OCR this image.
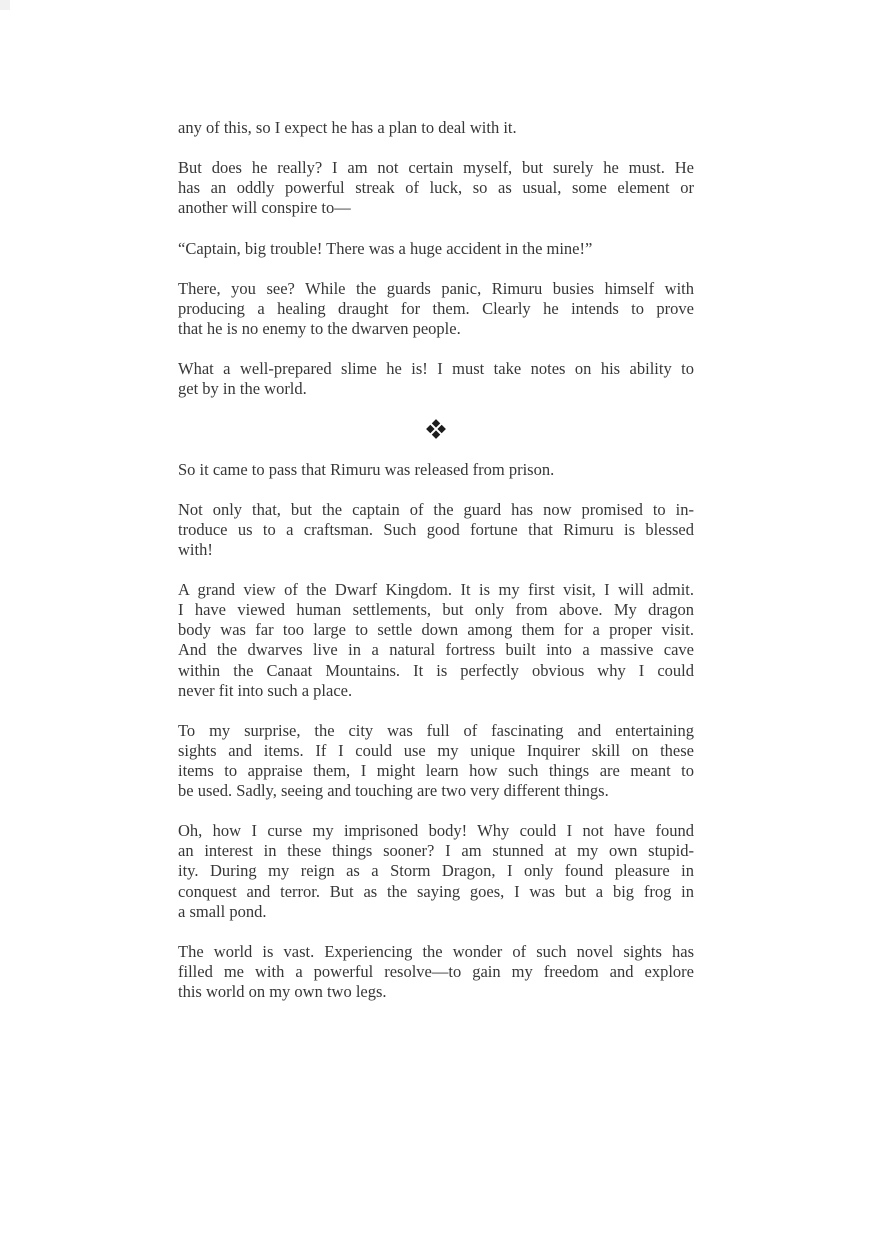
any of this, so I expect he has a plan to deal with it.

But does he really? I am not certain myself, but surely he must. He
has an oddly powerful streak of luck, so as usual, some element or
another will conspire to—

“Captain, big trouble! There was a huge accident in the mine!”

There, you see? While the guards panic, Rimuru busies himself with
producing a healing draught for them. Clearly he intends to prove
that he is no enemy to the dwarven people.

What a well-prepared slime he is! I must take notes on his ability to
get by in the world.

So it came to pass that Rimuru was released from prison.

Not only that, but the captain of the guard has now promised to in-
troduce us to a craftsman. Such good fortune that Rimuru is blessed
with!

A grand view of the Dwarf Kingdom. It is my first visit, I will admit.
I have viewed human settlements, but only from above. My dragon
body was far too large to settle down among them for a proper visit.
And the dwarves live in a natural fortress built into a massive cave
within the Canaat Mountains. It is perfectly obvious why I could
never fit into such a place.

To my surprise, the city was full of fascinating and entertaining
sights and items. If I could use my unique Inquirer skill on these
items to appraise them, I might learn how such things are meant to
be used. Sadly, seeing and touching are two very different things.

Oh, how I curse my imprisoned body! Why could I not have found
an interest in these things sooner? I am stunned at my own stupid-
ity. During my reign as a Storm Dragon, I only found pleasure in
conquest and terror. But as the saying goes, I was but a big frog in
a small pond.

The world is vast. Experiencing the wonder of such novel sights has
filled me with a powerful resolve—to gain my freedom and explore
this world on my own two legs.
